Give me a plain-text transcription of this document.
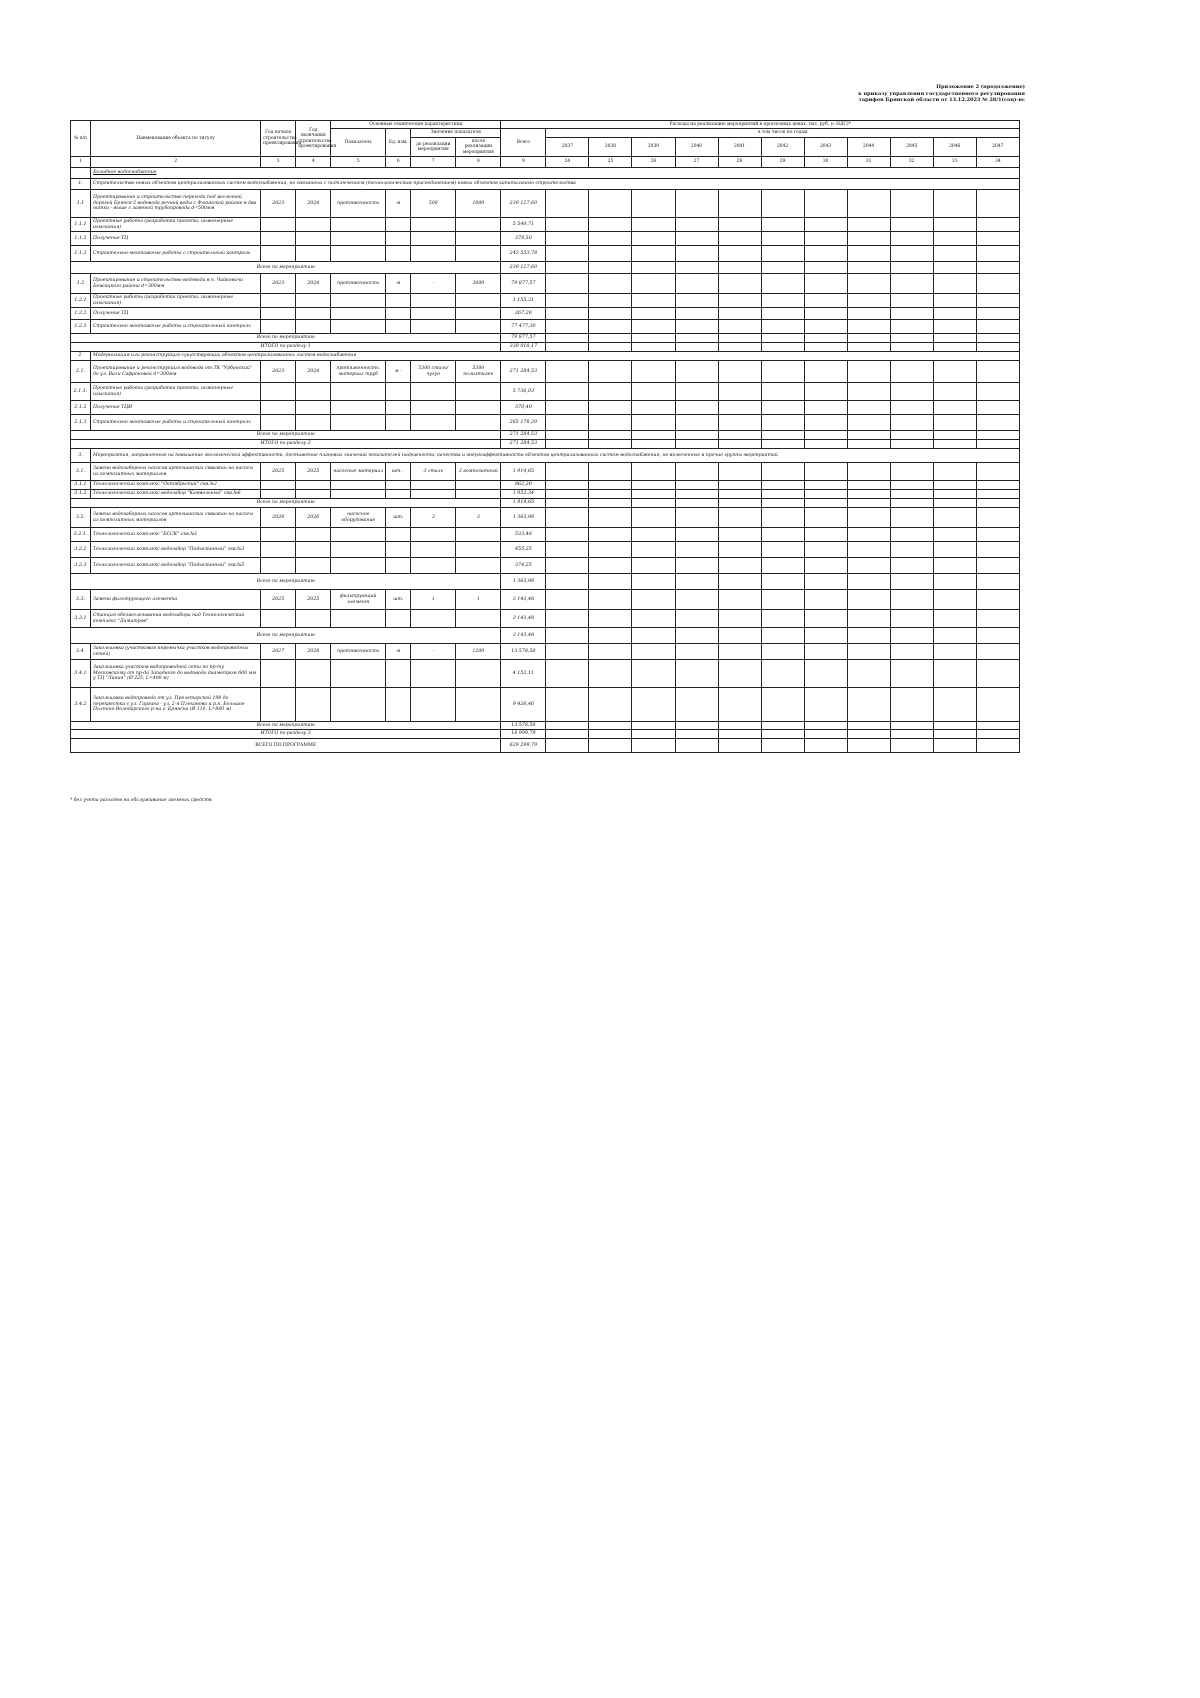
Приложение 2 (продолжение)
к приказу управления государственного регулирования
тарифов Брянской области от 13.12.2023 № 28/1(соц)-вс
№ п/п	Наименование объекта по титулу	Год начала строительства проектирования	Год окончания строительства проектирования	Основные технические характеристики				Расходы на реализацию мероприятий в прогнозных ценах, тыс. руб. (с НДС)*											
				Показатель	Ед. изм.	Значение показателя		Всего	в том числе по годам										
						до реализации мероприятия	после реализации мероприятия		2037	2038	2039	2040	2041	2042	2043	2044	2045	2046	2047
1	2	3	4	5	6	7	8	9	24	25	26	27	28	29	30	31	32	33	34
	Холодное водоснабжение																		
1.	Строительство новых объектов централизованных систем водоснабжения, не связанных с подключением (технологическим присоединением) новых объектов капитального строительства																		
1.1	Проектирование и строительство перехода под железной дорогой Брянск-2 водовода речной воды с Фокинской районе в два нитки - выше с заменой трубопровода d=500мм	2023	2024	протяженность	м	500	1000	239 127,60											
1.1.1	Проектные работы (разработка проекта, инженерные изыскания)							5 540,71											
1.1.2	Получение ТЦ							378,50											
1.1.3	Строительно-монтажные работы с строительный контроль							243 553,78											
Всего по мероприятию								239 127,60											
1.2	Проектирование и строительство водовода в п. Чайковичи Бежицкого района d=300мм	2023	2024	протяженность	м	-	3000	79 877,57											
1.2.1	Проектные работы (разработка проекта, инженерные изыскания)							1 155,31											
1.2.2	Получение ТЦ							267,26											
1.2.3	Строительно-монтажные работы и строительный контроль							77 477,30											
Всего по мероприятию								79 877,57											
ИТОГО по разделу 1								339 018,17											
2.	Модернизация или реконструкция существующих объектов централизованных систем водоснабжения																		
2.1.	Проектирование и реконструкция водовода от ТК "Урбанский" до ул. Вали Сафроновой d=300мм	2023	2024	протяженность, материал труб	м -	5300 сталь/чугун	5300 полиэтилен	271 284,53											
2.1.1.	Проектные работы (разработка проекта, инженерные изыскания)							5 736,03											
2.1.2	Получение ТЦИ							370,40											
2.1.3	Строительно-монтажные работы и строительный контроль							265 178,20											
Всего по мероприятию								271 284,53											
ИТОГО по разделу 2								271 284,53											
3.	Мероприятия, направленные на повышение экологической эффективности, достижение плановых значений показателей надежности, качества и энергоэффективности объектов централизованных систем водоснабжения, не включенные в прочие группы мероприятий																		
3.1.	Замена водозаборных насосов артезианских скважин на насосы из композитных материалов	2025	2025	насосные материал	шт. -	3 сталь	3 композитный	1 914,65											
3.1.1	Технологический комплекс "Октябрьский" скв.№2							862,30											
3.1.2	Технологический комплекс водозабор "Камвольный" скв.№6							1 052,34											
Всего по мероприятию								1 914,65											
3.2.	Замена водозаборных насосов артезианских скважин на насосы из композитных материалов	2026	2026	насосное оборудование	шт.	3	3	1 363,98											
3.2.1.	Технологический комплекс "БССК" скв.№1							533,48											
3.2.2	Технологический комплекс водозабор "Подыскинный" скв.№3							455,25											
3.2.3	Технологический комплекс водозабор "Подыскинный" скв.№5							374,25											
Всего по мероприятию								1 363,98											
3.3.	Замена фильтрующего элемента	2025	2025	фильтрующий элемент	шт.	1	1	3 143,48											
3.3.1	Станция обезжелезивания водозабора над Технологический комплекс "Димитров"							3 143,48											
Всего по мероприятию								3 143,48											
3.4.	Закольцовка (участковая перемычка участков водопроводных сетей)	2027	2028	протяженность	м	-	1200	13 578,58											
3.4.1	Закольцовка участков водопроводной сети по пр-ту Московскому от пр-да Западного до водовода диаметром 600 мм у ТЦ "Линия" (Ø 225, L=400 м)							4 152,11											
3.4.2	Закольцовка водопровода от ул. Пролетарской 198 до перекрестка с ул. Гаргина - ул. 2-я Плеханова и р.п. Большое Полпино Володарского р-на г. Брянска (Ø 110, L=860 м)							9 426,46											
Всего по мероприятию								13 578,58											
ИТОГО по разделу 3								18 999,79											
ВСЕГО ПО ПРОГРАММЕ								629 299,79											
* без учета расходов на обслуживание заемных средств
